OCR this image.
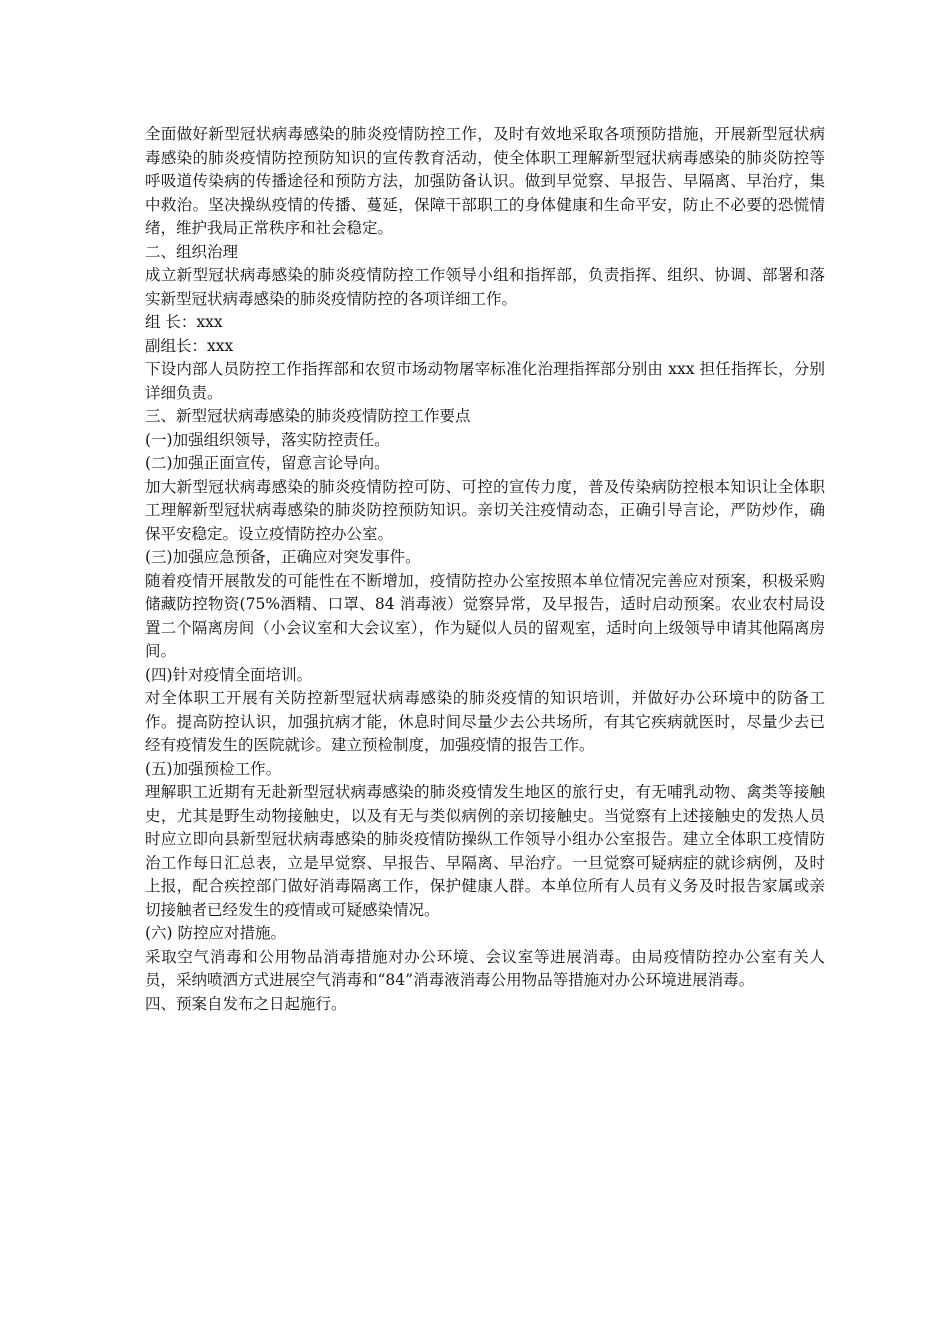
全面做好新型冠状病毒感染的肺炎疫情防控工作，及时有效地采取各项预防措施，开展新型冠状病毒感染的肺炎疫情防控预防知识的宣传教育活动，使全体职工理解新型冠状病毒感染的肺炎防控等呼吸道传染病的传播途径和预防方法，加强防备认识。做到早觉察、早报告、早隔离、早治疗，集中救治。坚决操纵疫情的传播、蔓延，保障干部职工的身体健康和生命平安，防止不必要的恐慌情绪，维护我局正常秩序和社会稳定。

二、组织治理

成立新型冠状病毒感染的肺炎疫情防控工作领导小组和指挥部，负责指挥、组织、协调、部署和落实新型冠状病毒感染的肺炎疫情防控的各项详细工作。

组 长：xxx

副组长：xxx

下设内部人员防控工作指挥部和农贸市场动物屠宰标准化治理指挥部分别由 xxx 担任指挥长，分别详细负责。

三、新型冠状病毒感染的肺炎疫情防控工作要点

(一)加强组织领导，落实防控责任。

(二)加强正面宣传，留意言论导向。

加大新型冠状病毒感染的肺炎疫情防控可防、可控的宣传力度，普及传染病防控根本知识让全体职工理解新型冠状病毒感染的肺炎防控预防知识。亲切关注疫情动态，正确引导言论，严防炒作，确保平安稳定。设立疫情防控办公室。

(三)加强应急预备，正确应对突发事件。

随着疫情开展散发的可能性在不断增加，疫情防控办公室按照本单位情况完善应对预案，积极采购储藏防控物资(75%酒精、口罩、84 消毒液）觉察异常，及早报告，适时启动预案。农业农村局设置二个隔离房间（小会议室和大会议室），作为疑似人员的留观室，适时向上级领导申请其他隔离房间。

(四)针对疫情全面培训。

对全体职工开展有关防控新型冠状病毒感染的肺炎疫情的知识培训，并做好办公环境中的防备工作。提高防控认识，加强抗病才能，休息时间尽量少去公共场所，有其它疾病就医时，尽量少去已经有疫情发生的医院就诊。建立预检制度，加强疫情的报告工作。

(五)加强预检工作。

理解职工近期有无赴新型冠状病毒感染的肺炎疫情发生地区的旅行史，有无哺乳动物、禽类等接触史，尤其是野生动物接触史，以及有无与类似病例的亲切接触史。当觉察有上述接触史的发热人员时应立即向县新型冠状病毒感染的肺炎疫情防操纵工作领导小组办公室报告。建立全体职工疫情防治工作每日汇总表，立是早觉察、早报告、早隔离、早治疗。一旦觉察可疑病症的就诊病例，及时上报，配合疾控部门做好消毒隔离工作，保护健康人群。本单位所有人员有义务及时报告家属或亲切接触者已经发生的疫情或可疑感染情况。

(六) 防控应对措施。

采取空气消毒和公用物品消毒措施对办公环境、会议室等进展消毒。由局疫情防控办公室有关人员，采纳喷洒方式进展空气消毒和“84”消毒液消毒公用物品等措施对办公环境进展消毒。

四、预案自发布之日起施行。
